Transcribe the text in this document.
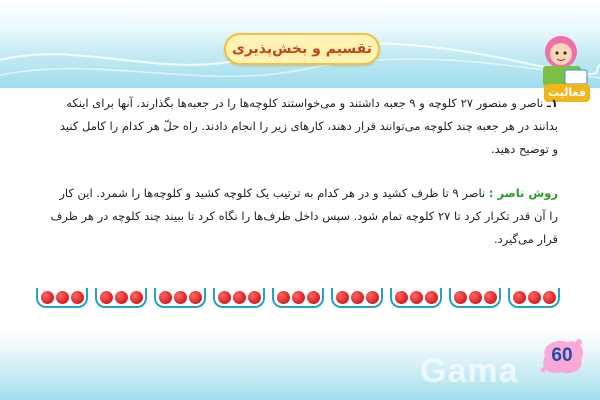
تقسیم و بخش‌پذیری
فعالیت
۱ـ ناصر و منصور ۲۷ کلوچه و ۹ جعبه داشتند و می‌خواستند کلوچه‌ها را در جعبه‌ها بگذارند. آنها برای اینکه بدانند در هر جعبه چند کلوچه می‌توانند قرار دهند، کارهای زیر را انجام دادند. راه حلّ هر کدام را کامل کنید و توضیح دهید.
روش ناصر : ناصر ۹ تا ظرف کشید و در هر کدام به ترتیب یک کلوچه کشید و کلوچه‌ها را شمرد. این کار را آن قدر تکرار کرد تا ۲۷ کلوچه تمام شود. سپس داخل ظرف‌ها را نگاه کرد تا ببیند چند کلوچه در هر ظرف قرار می‌گیرد.
Gama	60
